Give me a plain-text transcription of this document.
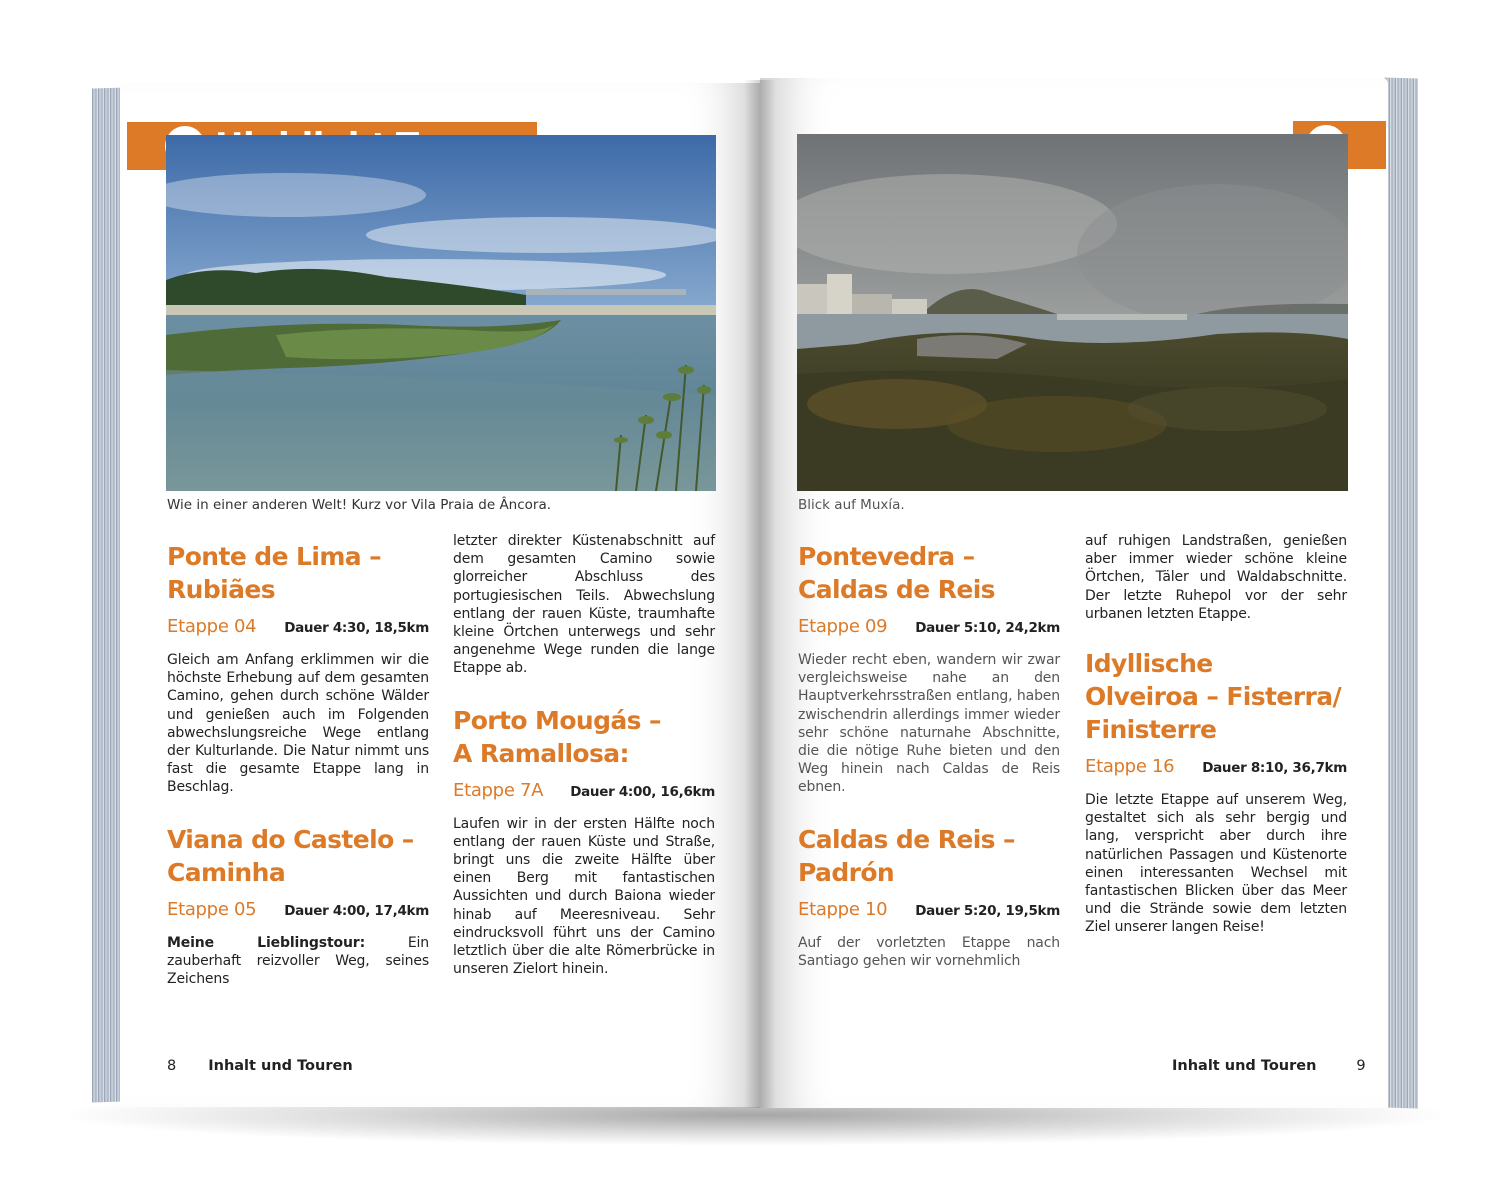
Wie in einer anderen Welt! Kurz vor Vila Praia de Âncora.	Blick auf Muxía.
Ponte de Lima –
Rubiães
Etappe 04 Dauer 4:30, 18,5km
Gleich am Anfang erklimmen wir die höchste Erhebung auf dem gesamten Camino, gehen durch schöne Wälder und genießen auch im Folgenden abwechslungsreiche Wege entlang der Kulturlande. Die Natur nimmt uns fast die gesamte Etappe lang in Beschlag.
Viana do Castelo –
Caminha
Etappe 05 Dauer 4:00, 17,4km
Meine Lieblingstour: Ein zauberhaft reizvoller Weg, seines Zeichens
letzter direkter Küstenabschnitt auf dem gesamten Camino sowie glorreicher Abschluss des portugiesischen Teils. Abwechslung entlang der rauen Küste, traumhafte kleine Örtchen unterwegs und sehr angenehme Wege runden die lange Etappe ab.
Porto Mougás –
A Ramallosa:
Etappe 7A Dauer 4:00, 16,6km
Laufen wir in der ersten Hälfte noch entlang der rauen Küste und Straße, bringt uns die zweite Hälfte über einen Berg mit fantastischen Aussichten und durch Baiona wieder hinab auf Meeresniveau. Sehr eindrucksvoll führt uns der Camino letztlich über die alte Römerbrücke in unseren Zielort hinein.
Pontevedra –
Caldas de Reis
Etappe 09 Dauer 5:10, 24,2km
Wieder recht eben, wandern wir zwar vergleichsweise nahe an den Hauptverkehrsstraßen entlang, haben zwischendrin allerdings immer wieder sehr schöne naturnahe Abschnitte, die die nötige Ruhe bieten und den Weg hinein nach Caldas de Reis ebnen.
Caldas de Reis –
Padrón
Etappe 10 Dauer 5:20, 19,5km
Auf der vorletzten Etappe nach Santiago gehen wir vornehmlich
auf ruhigen Landstraßen, genießen aber immer wieder schöne kleine Örtchen, Täler und Waldabschnitte. Der letzte Ruhepol vor der sehr urbanen letzten Etappe.
Idyllische
Olveiroa – Fisterra/
Finisterre
Etappe 16 Dauer 8:10, 36,7km
Die letzte Etappe auf unserem Weg, gestaltet sich als sehr bergig und lang, verspricht aber durch ihre natürlichen Passagen und Küstenorte einen interessanten Wechsel mit fantastischen Blicken über das Meer und die Strände sowie dem letzten Ziel unserer langen Reise!
8 Inhalt und Touren	Inhalt und Touren	9
